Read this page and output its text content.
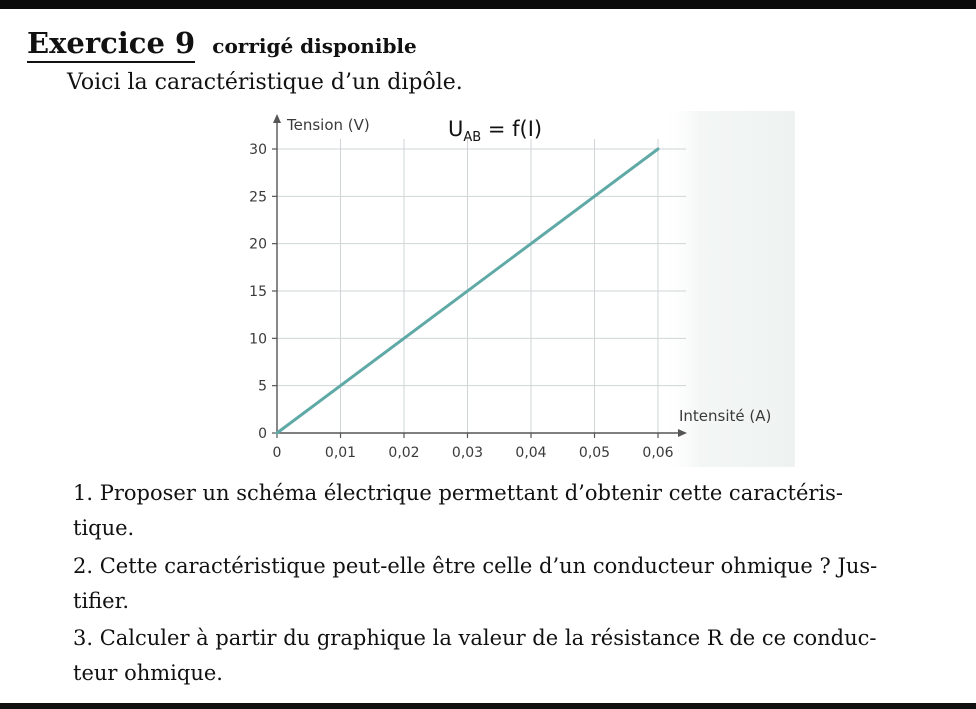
Exercice 9 corrigé disponible
Voici la caractéristique d’un dipôle.
0
5
10
15
20
25
30
0	0,01 0,02 0,03 0,04 0,05 0,06
Tension (V)
Intensité (A)
$U_{AB} = f(I)$

1. Proposer un schéma électrique permettant d’obtenir cette caractéris-
tique.

2. Cette caractéristique peut-elle être celle d’un conducteur ohmique ? Jus-
tifier.

3. Calculer à partir du graphique la valeur de la résistance R de ce conduc-
teur ohmique.
